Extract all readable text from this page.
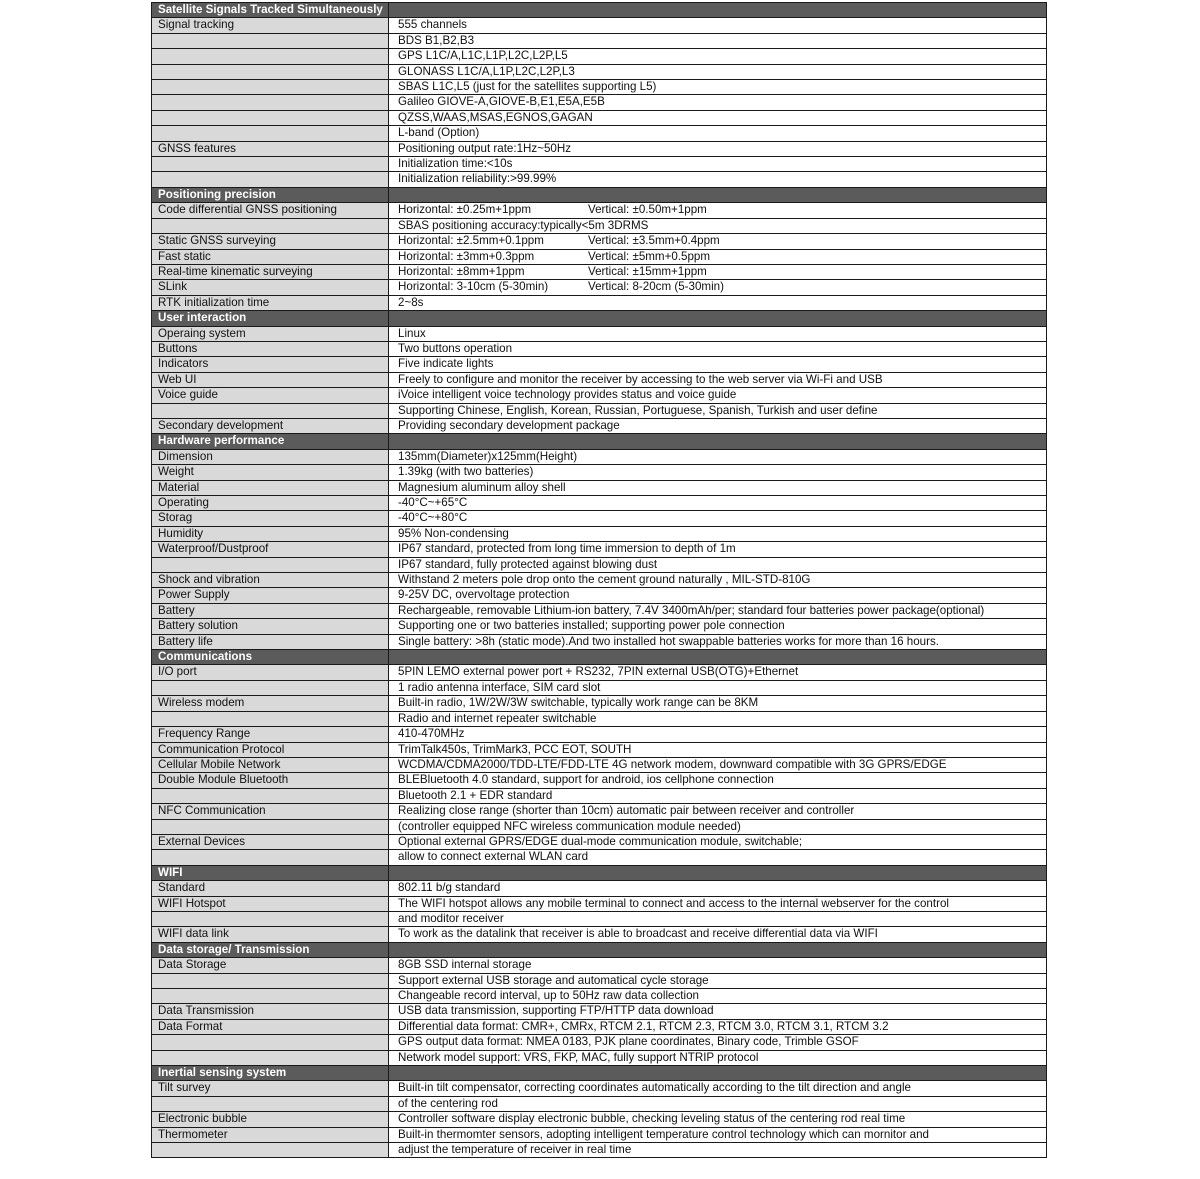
Satellite Signals Tracked Simultaneously	
Signal tracking	555 channels
	BDS B1,B2,B3
	GPS L1C/A,L1C,L1P,L2C,L2P,L5
	GLONASS L1C/A,L1P,L2C,L2P,L3
	SBAS L1C,L5 (just for the satellites supporting L5)
	Galileo GIOVE-A,GIOVE-B,E1,E5A,E5B
	QZSS,WAAS,MSAS,EGNOS,GAGAN
	L-band (Option)
GNSS features	Positioning output rate:1Hz~50Hz
	Initialization time:<10s
	Initialization reliability:>99.99%
Positioning precision	
Code differential GNSS positioning	Horizontal: ±0.25m+1ppm Vertical: ±0.50m+1ppm
	SBAS positioning accuracy:typically<5m 3DRMS
Static GNSS surveying	Horizontal: ±2.5mm+0.1ppm Vertical: ±3.5mm+0.4ppm
Fast static	Horizontal: ±3mm+0.3ppm Vertical: ±5mm+0.5ppm
Real-time kinematic surveying	Horizontal: ±8mm+1ppm Vertical: ±15mm+1ppm
SLink	Horizontal: 3-10cm (5-30min) Vertical: 8-20cm (5-30min)
RTK initialization time	2~8s
User interaction	
Operaing system	Linux
Buttons	Two buttons operation
Indicators	Five indicate lights
Web UI	Freely to configure and monitor the receiver by accessing to the web server via Wi-Fi and USB
Voice guide	iVoice intelligent voice technology provides status and voice guide
	Supporting Chinese, English, Korean, Russian, Portuguese, Spanish, Turkish and user define
Secondary development	Providing secondary development package
Hardware performance	
Dimension	135mm(Diameter)x125mm(Height)
Weight	1.39kg (with two batteries)
Material	Magnesium aluminum alloy shell
Operating	-40°C~+65°C
Storag	-40°C~+80°C
Humidity	95% Non-condensing
Waterproof/Dustproof	IP67 standard, protected from long time immersion to depth of 1m
	IP67 standard, fully protected against blowing dust
Shock and vibration	Withstand 2 meters pole drop onto the cement ground naturally , MIL-STD-810G
Power Supply	9-25V DC, overvoltage protection
Battery	Rechargeable, removable Lithium-ion battery, 7.4V 3400mAh/per; standard four batteries power package(optional)
Battery solution	Supporting one or two batteries installed; supporting power pole connection
Battery life	Single battery: >8h (static mode).And two installed hot swappable batteries works for more than 16 hours.
Communications	
I/O port	5PIN LEMO external power port + RS232, 7PIN external USB(OTG)+Ethernet
	1 radio antenna interface, SIM card slot
Wireless modem	Built-in radio, 1W/2W/3W switchable, typically work range can be 8KM
	Radio and internet repeater switchable
Frequency Range	410-470MHz
Communication Protocol	TrimTalk450s, TrimMark3, PCC EOT, SOUTH
Cellular Mobile Network	WCDMA/CDMA2000/TDD-LTE/FDD-LTE 4G network modem, downward compatible with 3G GPRS/EDGE
Double Module Bluetooth	BLEBluetooth 4.0 standard, support for android, ios cellphone connection
	Bluetooth 2.1 + EDR standard
NFC Communication	Realizing close range (shorter than 10cm) automatic pair between receiver and controller
	(controller equipped NFC wireless communication module needed)
External Devices	Optional external GPRS/EDGE dual-mode communication module, switchable;
	allow to connect external WLAN card
WIFI	
Standard	802.11 b/g standard
WIFI Hotspot	The WIFI hotspot allows any mobile terminal to connect and access to the internal webserver for the control
	and moditor receiver
WIFI data link	To work as the datalink that receiver is able to broadcast and receive differential data via WIFI
Data storage/ Transmission	
Data Storage	8GB SSD internal storage
	Support external USB storage and automatical cycle storage
	Changeable record interval, up to 50Hz raw data collection
Data Transmission	USB data transmission, supporting FTP/HTTP data download
Data Format	Differential data format: CMR+, CMRx, RTCM 2.1, RTCM 2.3, RTCM 3.0, RTCM 3.1, RTCM 3.2
	GPS output data format: NMEA 0183, PJK plane coordinates, Binary code, Trimble GSOF
	Network model support: VRS, FKP, MAC, fully support NTRIP protocol
Inertial sensing system	
Tilt survey	Built-in tilt compensator, correcting coordinates automatically according to the tilt direction and angle
	of the centering rod
Electronic bubble	Controller software display electronic bubble, checking leveling status of the centering rod real time
Thermometer	Built-in thermomter sensors, adopting intelligent temperature control technology which can mornitor and
	adjust the temperature of receiver in real time
